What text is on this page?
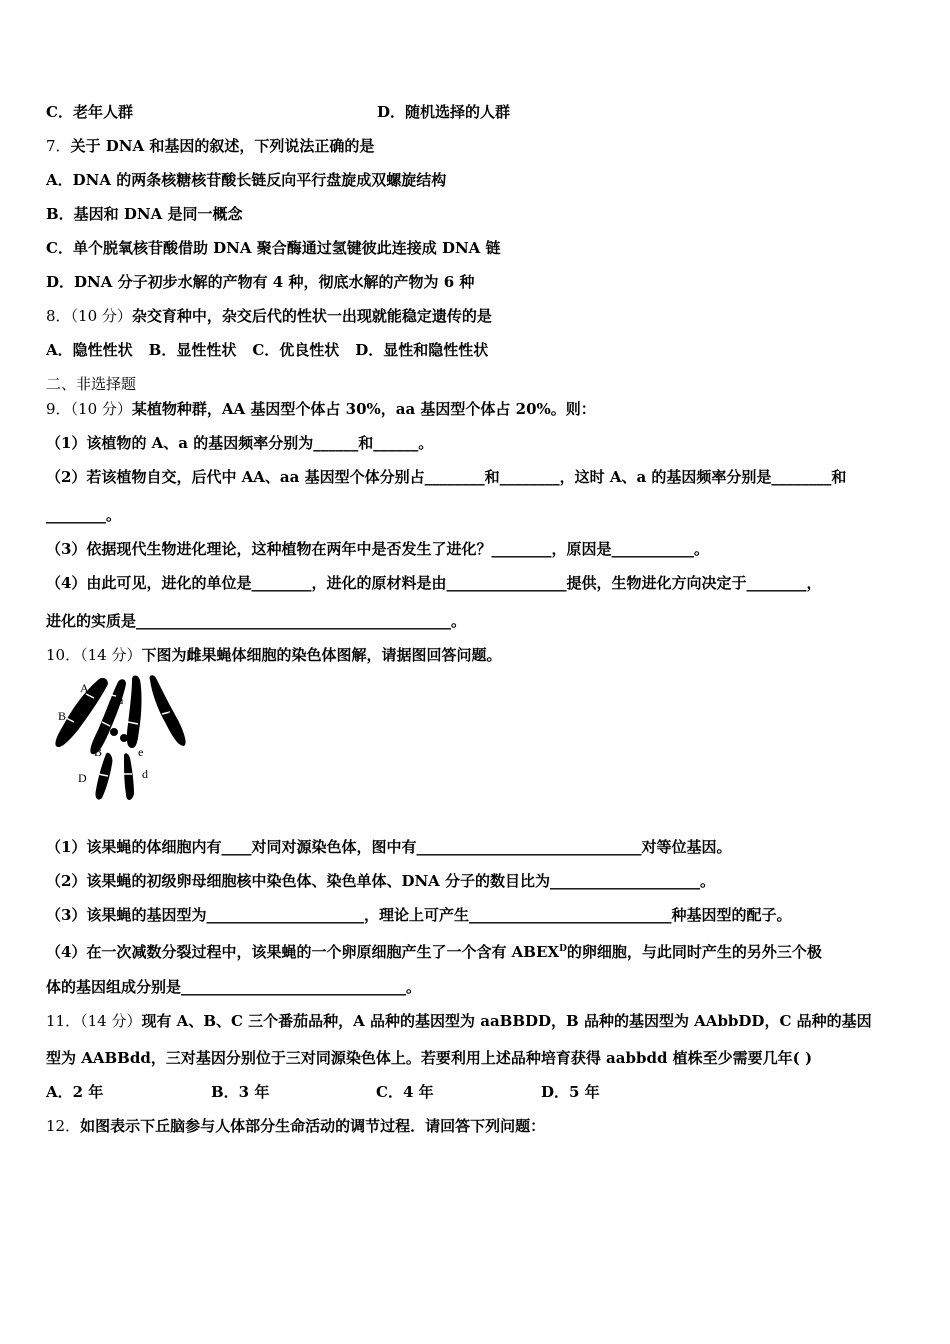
C．老年人群	D．随机选择的人群
7．关于 DNA 和基因的叙述，下列说法正确的是
A．DNA 的两条核糖核苷酸长链反向平行盘旋成双螺旋结构
B．基因和 DNA 是同一概念
C．单个脱氧核苷酸借助 DNA 聚合酶通过氢键彼此连接成 DNA 链
D．DNA 分子初步水解的产物有 4 种，彻底水解的产物为 6 种
8．（10 分）杂交育种中，杂交后代的性状一出现就能稳定遗传的是
A．隐性性状 B．显性性状 C．优良性状 D．显性和隐性性状
二、非选择题
9．（10 分）某植物种群，AA 基因型个体占 30%，aa 基因型个体占 20%。则：
（1）该植物的 A、a 的基因频率分别为______和______。
（2）若该植物自交，后代中 AA、aa 基因型个体分别占________和________，这时 A、a 的基因频率分别是________和
________。
（3）依据现代生物进化理论，这种植物在两年中是否发生了进化？________，原因是___________。
（4）由此可见，进化的单位是________，进化的原材料是由________________提供，生物进化方向决定于________，
进化的实质是__________________________________________。
10．（14 分）下图为雌果蝇体细胞的染色体图解，请据图回答问题。
A
a
B	E
B	e
D	d
（1）该果蝇的体细胞内有____对同对源染色体，图中有______________________________对等位基因。
（2）该果蝇的初级卵母细胞核中染色体、染色单体、DNA 分子的数目比为____________________。
（3）该果蝇的基因型为_____________________，理论上可产生___________________________种基因型的配子。
（4）在一次减数分裂过程中，该果蝇的一个卵原细胞产生了一个含有 $ABEX^D$的卵细胞，与此同时产生的另外三个极
体的基因组成分别是______________________________。
11．（14 分）现有 A、B、C 三个番茄品种，A 品种的基因型为 aaBBDD，B 品种的基因型为 AAbbDD，C 品种的基因
型为 AABBdd，三对基因分别位于三对同源染色体上。若要利用上述品种培育获得 aabbdd 植株至少需要几年( )
A．2 年	B．3 年	C．4 年	D．5 年
12．如图表示下丘脑参与人体部分生命活动的调节过程．请回答下列问题：
